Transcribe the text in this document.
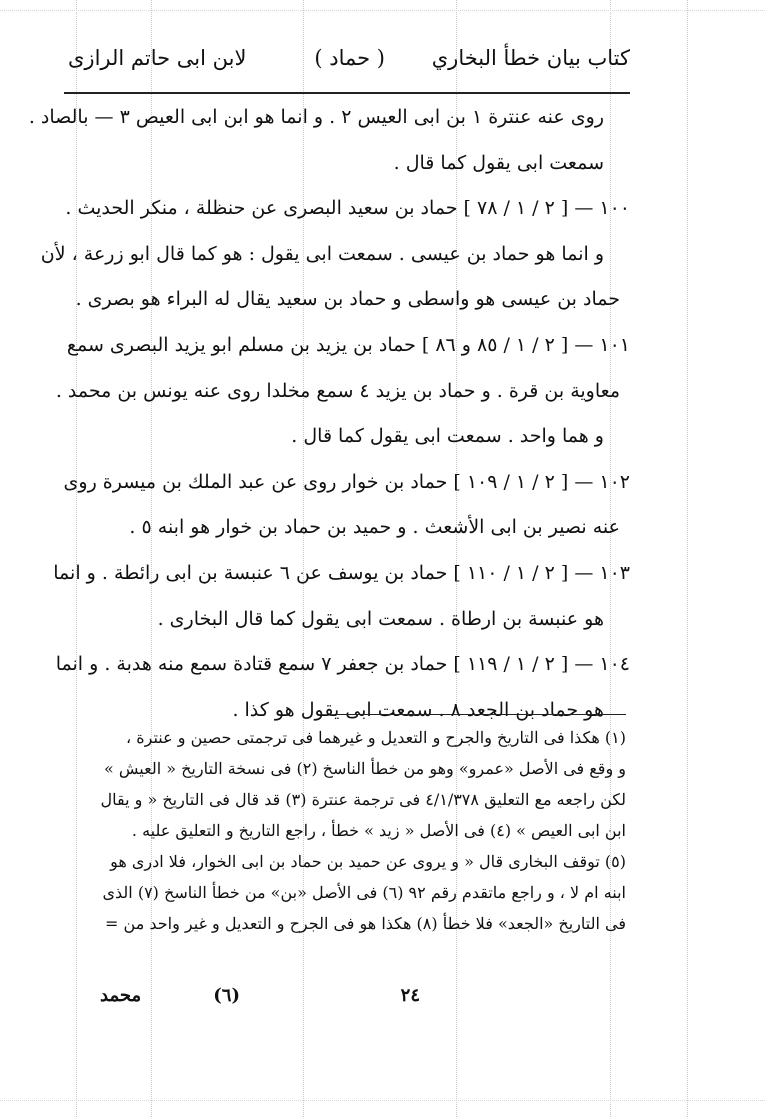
كتاب بيان خطأ البخاري
( حماد )
لابن ابى حاتم الرازى
روى عنه عنترة ١ بن ابى العيس ٢ . و انما هو ابن ابى العيص ٣ — بالصاد .
سمعت ابى يقول كما قال .
١٠٠ — [ ٢ / ١ / ٧٨ ] حماد بن سعيد البصرى عن حنظلة ، منكر الحديث .
و انما هو حماد بن عيسى . سمعت ابى يقول : هو كما قال ابو زرعة ، لأن
حماد بن عيسى هو واسطى و حماد بن سعيد يقال له البراء هو بصرى .
١٠١ — [ ٢ / ١ / ٨٥ و ٨٦ ] حماد بن يزيد بن مسلم ابو يزيد البصرى سمع
معاوية بن قرة . و حماد بن يزيد ٤ سمع مخلدا روى عنه يونس بن محمد .
و هما واحد . سمعت ابى يقول كما قال .
١٠٢ — [ ٢ / ١ / ١٠٩ ] حماد بن خوار روى عن عبد الملك بن ميسرة روى
عنه نصير بن ابى الأشعث . و حميد بن حماد بن خوار هو ابنه ٥ .
١٠٣ — [ ٢ / ١ / ١١٠ ] حماد بن يوسف عن ٦ عنبسة بن ابى رائطة . و انما
هو عنبسة بن ارطاة . سمعت ابى يقول كما قال البخارى .
١٠٤ — [ ٢ / ١ / ١١٩ ] حماد بن جعفر ٧ سمع قتادة سمع منه هدبة . و انما
هو حماد بن الجعد ٨ . سمعت ابى يقول هو كذا .
(١) هكذا فى التاريخ والجرح و التعديل و غيرهما فى ترجمتى حصين و عنترة ،
و وقع فى الأصل «عمرو» وهو من خطأ الناسخ (٢) فى نسخة التاريخ « العيش »
لكن راجعه مع التعليق ٤/١/٣٧٨ فى ترجمة عنترة (٣) قد قال فى التاريخ « و يقال
ابن ابى العيص » (٤) فى الأصل « زيد » خطأ ، راجع التاريخ و التعليق عليه .
(٥) توقف البخارى قال « و يروى عن حميد بن حماد بن ابى الخوار، فلا ادرى هو
ابنه ام لا ، و راجع ماتقدم رقم ٩٢ (٦) فى الأصل «بن» من خطأ الناسخ (٧) الذى
فى التاريخ «الجعد» فلا خطأ (٨) هكذا هو فى الجرح و التعديل و غير واحد من =
٢٤
(٦)
محمد
